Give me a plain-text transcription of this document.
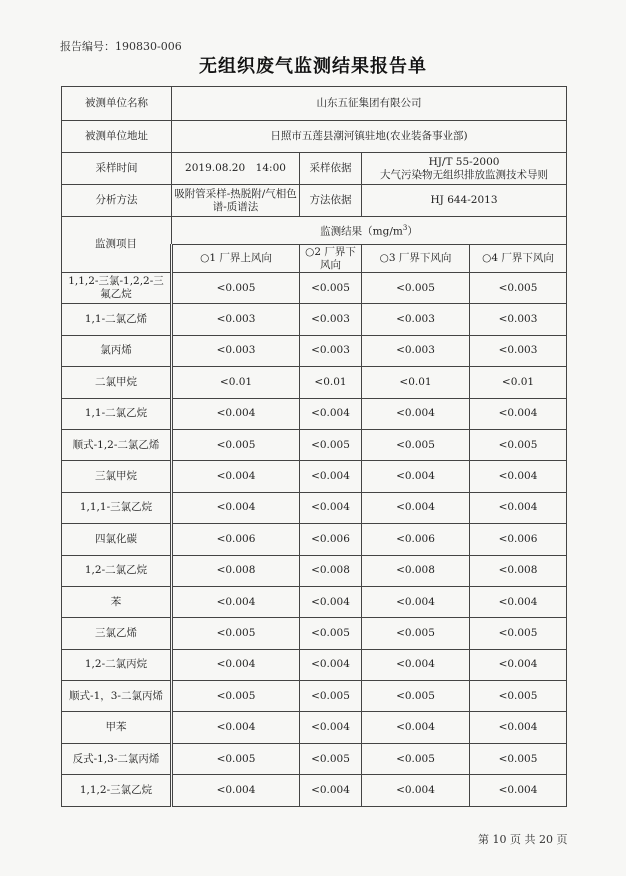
报告编号：190830-006
无组织废气监测结果报告单
被测单位名称	山东五征集团有限公司			
被测单位地址	日照市五莲县潮河镇驻地(农业装备事业部)			
采样时间	2019.08.20　14:00	采样依据	HJ/T 55-2000
大气污染物无组织排放监测技术导则	

分析方法	吸附管采样-热脱附/气相色谱-质谱法	方法依据	HJ 644-2013	
监测项目	监测结果$(mg/m^3)$			
	○1 厂界上风向	○2 厂界下风向	○3 厂界下风向	○4 厂界下风向
1,1,2-三氯-1,2,2-三氟乙烷	<0.005	<0.005	<0.005	<0.005
1,1-二氯乙烯	<0.003	<0.003	<0.003	<0.003
氯丙烯	<0.003	<0.003	<0.003	<0.003
二氯甲烷	<0.01	<0.01	<0.01	<0.01
1,1-二氯乙烷	<0.004	<0.004	<0.004	<0.004
顺式-1,2-二氯乙烯	<0.005	<0.005	<0.005	<0.005
三氯甲烷	<0.004	<0.004	<0.004	<0.004
1,1,1-三氯乙烷	<0.004	<0.004	<0.004	<0.004
四氯化碳	<0.006	<0.006	<0.006	<0.006
1,2-二氯乙烷	<0.008	<0.008	<0.008	<0.008
苯	<0.004	<0.004	<0.004	<0.004
三氯乙烯	<0.005	<0.005	<0.005	<0.005
1,2-二氯丙烷	<0.004	<0.004	<0.004	<0.004
顺式-1，3-二氯丙烯	<0.005	<0.005	<0.005	<0.005
甲苯	<0.004	<0.004	<0.004	<0.004
反式-1,3-二氯丙烯	<0.005	<0.005	<0.005	<0.005
1,1,2-三氯乙烷	<0.004	<0.004	<0.004	<0.004
第 10 页 共 20 页
